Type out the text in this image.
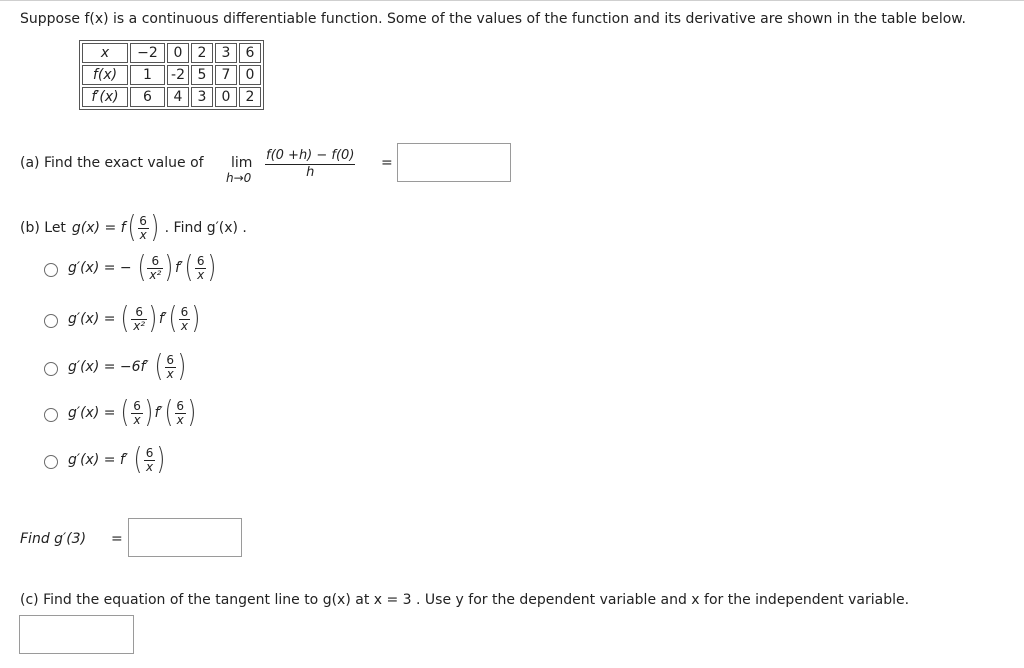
Suppose f(x) is a continuous differentiable function. Some of the values of the function and its derivative are shown in the table below.
x	−2	0	2	3	6
f(x)	1	-2	5	7	0
f′(x)	6	4	3	0	2
(a) Find the exact value of lim
$h\to 0 \frac{f(0 +h) - f(0)}{h}$ =
(b) Let g(x) = f ( $\frac{6}{x}$ ) . Find g′(x) .
g′(x) = − ( $\frac{6}{\text{x²}}$ ) f′ ( $\frac{6}{x}$ )
g′(x) = ( $\frac{6}{\text{x²}}$ ) f′ ( $\frac{6}{x}$ )
g′(x) = −6f′ ( $\frac{6}{x}$ )
g′(x) = ( $\frac{6}{x}$ ) f′ ( $\frac{6}{x}$ )
g′(x) = f′ ( $\frac{6}{x}$ )
Find g′(3) =
(c) Find the equation of the tangent line to g(x) at x = 3 . Use y for the dependent variable and x for the independent variable.
